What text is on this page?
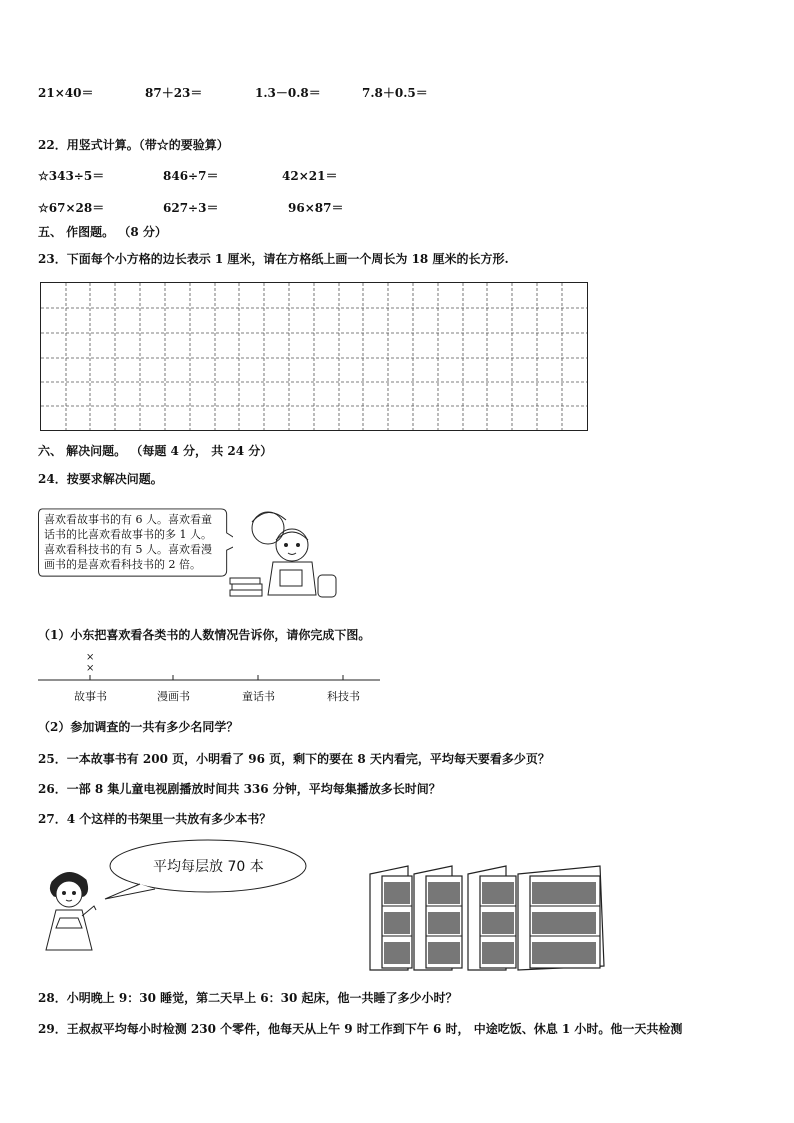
21×40＝	87＋23＝	1.3－0.8＝	7.8＋0.5＝
22．用竖式计算。（带☆的要验算）
☆343÷5＝	846÷7＝	42×21＝
☆67×28＝	627÷3＝	96×87＝
五、 作图题。 （8 分）
23．下面每个小方格的边长表示 1 厘米，请在方格纸上画一个周长为 18 厘米的长方形.
六、 解决问题。 （每题 4 分， 共 24 分）
24．按要求解决问题。
喜欢看故事书的有 6 人。喜欢看童
话书的比喜欢看故事书的多 1 人。
喜欢看科技书的有 5 人。喜欢看漫
画书的是喜欢看科技书的 2 倍。
（1）小东把喜欢看各类书的人数情况告诉你，请你完成下图。
×
×
故事书	漫画书	童话书	科技书
（2）参加调查的一共有多少名同学？
25．一本故事书有 200 页，小明看了 96 页，剩下的要在 8 天内看完，平均每天要看多少页？
26．一部 8 集儿童电视剧播放时间共 336 分钟，平均每集播放多长时间？
27．4 个这样的书架里一共放有多少本书？
平均每层放 70 本
28．小明晚上 9：30 睡觉，第二天早上 6：30 起床，他一共睡了多少小时？
29．王叔叔平均每小时检测 230 个零件，他每天从上午 9 时工作到下午 6 时， 中途吃饭、休息 1 小时。他一天共检测
